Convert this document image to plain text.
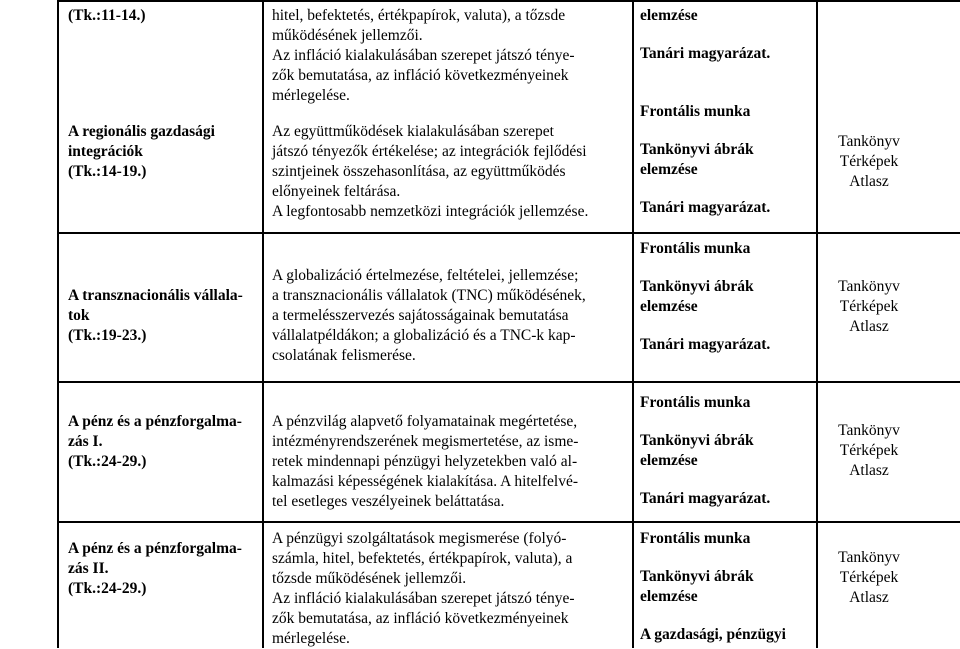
(Tk.:11-14.)	hitel, befektetés, értékpapírok, valuta), a tőzsde
működésének jellemzői.
Az infláció kialakulásában szerepet játszó ténye-
zők bemutatása, az infláció következményeinek
mérlegelése.
elemzése
Tanári magyarázat.
A regionális gazdasági
integrációk
(Tk.:14-19.)
Az együttműködések kialakulásában szerepet
játszó tényezők értékelése; az integrációk fejlődési
szintjeinek összehasonlítása, az együttműködés
előnyeinek feltárása.
A legfontosabb nemzetközi integrációk jellemzése.
Frontális munka
Tankönyvi ábrák
elemzése
Tanári magyarázat.
Tankönyv
Térképek
Atlasz
A transznacionális vállala-
tok
(Tk.:19-23.)
A globalizáció értelmezése, feltételei, jellemzése;
a transznacionális vállalatok (TNC) működésének,
a termelésszervezés sajátosságainak bemutatása
vállalatpéldákon; a globalizáció és a TNC-k kap-
csolatának felismerése.
Frontális munka
Tankönyvi ábrák
elemzése
Tanári magyarázat.
Tankönyv
Térképek
Atlasz
A pénz és a pénzforgalma-
zás I.
(Tk.:24-29.)
A pénzvilág alapvető folyamatainak megértetése,
intézményrendszerének megismertetése, az isme-
retek mindennapi pénzügyi helyzetekben való al-
kalmazási képességének kialakítása. A hitelfelvé-
tel esetleges veszélyeinek beláttatása.
Frontális munka
Tankönyvi ábrák
elemzése
Tanári magyarázat.
Tankönyv
Térképek
Atlasz
A pénz és a pénzforgalma-
zás II.
(Tk.:24-29.)
A pénzügyi szolgáltatások megismerése (folyó-
számla, hitel, befektetés, értékpapírok, valuta), a
tőzsde működésének jellemzői.
Az infláció kialakulásában szerepet játszó ténye-
zők bemutatása, az infláció következményeinek
mérlegelése.
Frontális munka
Tankönyvi ábrák
elemzése
A gazdasági, pénzügyi
Tankönyv
Térképek
Atlasz
